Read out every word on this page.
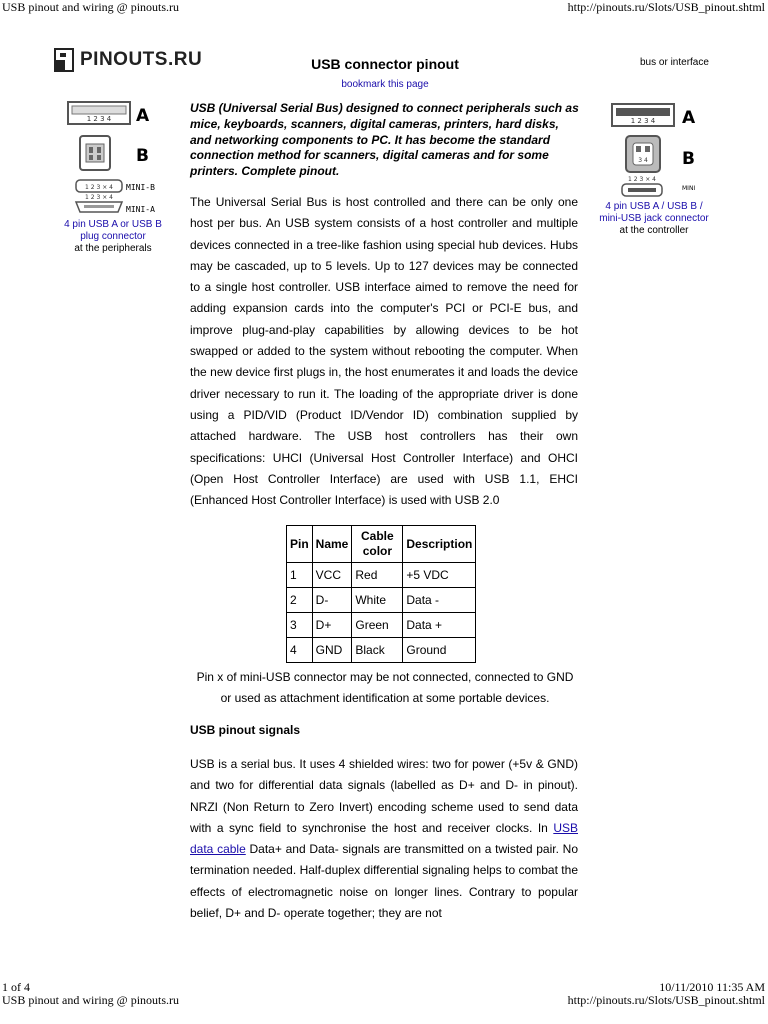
USB pinout and wiring @ pinouts.ru	http://pinouts.ru/Slots/USB_pinout.shtml
PINOUTS.RU	USB connector pinout
bookmark this page
bus or interface
1 2 3 4 A
B
1 2 3 × 4 MINI-B
1 2 3 × 4
MINI-A
4 pin USB A or USB B plug connector
at the peripherals
1 2 3 4 A
3 4 B
1 2 3 × 4
MINI
4 pin USB A / USB B / mini-USB jack connector
at the controller
USB (Universal Serial Bus) designed to connect peripherals such as mice, keyboards, scanners, digital cameras, printers, hard disks, and networking components to PC. It has become the standard connection method for scanners, digital cameras and for some printers. Complete pinout.
The Universal Serial Bus is host controlled and there can be only one host per bus. An USB system consists of a host controller and multiple devices connected in a tree-like fashion using special hub devices. Hubs may be cascaded, up to 5 levels. Up to 127 devices may be connected to a single host controller. USB interface aimed to remove the need for adding expansion cards into the computer's PCI or PCI-E bus, and improve plug-and-play capabilities by allowing devices to be hot swapped or added to the system without rebooting the computer. When the new device first plugs in, the host enumerates it and loads the device driver necessary to run it. The loading of the appropriate driver is done using a PID/VID (Product ID/Vendor ID) combination supplied by attached hardware. The USB host controllers has their own specifications: UHCI (Universal Host Controller Interface) and OHCI (Open Host Controller Interface) are used with USB 1.1, EHCI (Enhanced Host Controller Interface) is used with USB 2.0
Pin	Name	Cable color	Description
1	VCC	Red	+5 VDC
2	D-	White	Data -
3	D+	Green	Data +
4	GND	Black	Ground
Pin x of mini-USB connector may be not connected, connected to GND or used as attachment identification at some portable devices.
USB pinout signals
USB is a serial bus. It uses 4 shielded wires: two for power (+5v & GND) and two for differential data signals (labelled as D+ and D- in pinout). NRZI (Non Return to Zero Invert) encoding scheme used to send data with a sync field to synchronise the host and receiver clocks. In USB data cable Data+ and Data- signals are transmitted on a twisted pair. No termination needed. Half-duplex differential signaling helps to combat the effects of electromagnetic noise on longer lines. Contrary to popular belief, D+ and D- operate together; they are not
1 of 4	10/11/2010 11:35 AM
USB pinout and wiring @ pinouts.ru	http://pinouts.ru/Slots/USB_pinout.shtml
